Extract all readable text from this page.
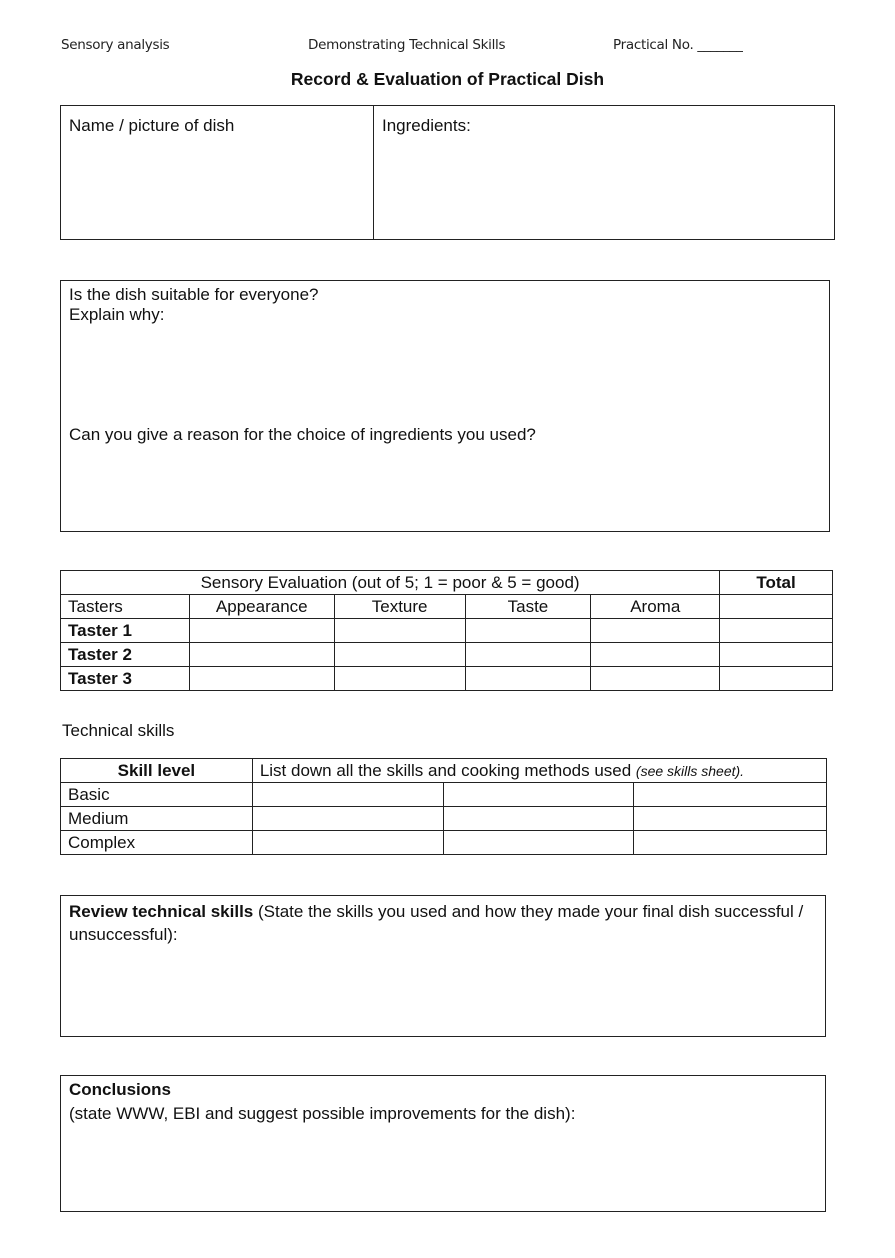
Sensory analysis	Demonstrating Technical Skills	Practical No. _______
Record & Evaluation of Practical Dish
Name / picture of dish	Ingredients:
Is the dish suitable for everyone?
Explain why:
Can you give a reason for the choice of ingredients you used?
Sensory Evaluation (out of 5; 1 = poor & 5 = good)					Total
Tasters	Appearance	Texture	Taste	Aroma	
Taster 1					
Taster 2					
Taster 3					
Technical skills
Skill level	List down all the skills and cooking methods used (see skills sheet).		
Basic			
Medium			
Complex			
Review technical skills (State the skills you used and how they made your final dish successful / unsuccessful):
Conclusions
(state WWW, EBI and suggest possible improvements for the dish):
